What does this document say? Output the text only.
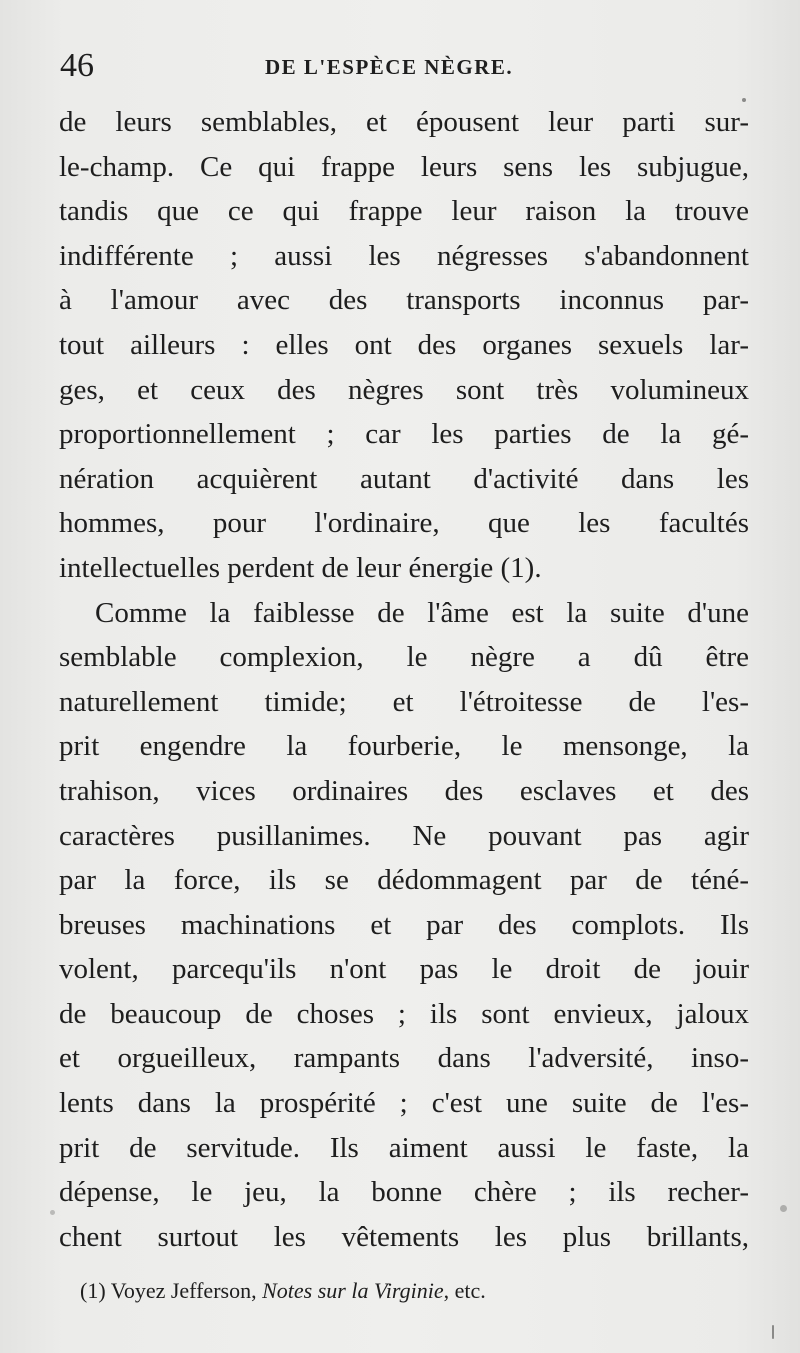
46	DE L'ESPÈCE NÈGRE.
de leurs semblables, et épousent leur parti sur-
le-champ. Ce qui frappe leurs sens les subjugue,
tandis que ce qui frappe leur raison la trouve
indifférente ; aussi les négresses s'abandonnent
à l'amour avec des transports inconnus par-
tout ailleurs : elles ont des organes sexuels lar-
ges, et ceux des nègres sont très volumineux
proportionnellement ; car les parties de la gé-
nération acquièrent autant d'activité dans les
hommes, pour l'ordinaire, que les facultés
intellectuelles perdent de leur énergie (1).
Comme la faiblesse de l'âme est la suite d'une
semblable complexion, le nègre a dû être
naturellement timide; et l'étroitesse de l'es-
prit engendre la fourberie, le mensonge, la
trahison, vices ordinaires des esclaves et des
caractères pusillanimes. Ne pouvant pas agir
par la force, ils se dédommagent par de téné-
breuses machinations et par des complots. Ils
volent, parcequ'ils n'ont pas le droit de jouir
de beaucoup de choses ; ils sont envieux, jaloux
et orgueilleux, rampants dans l'adversité, inso-
lents dans la prospérité ; c'est une suite de l'es-
prit de servitude. Ils aiment aussi le faste, la
dépense, le jeu, la bonne chère ; ils recher-
chent surtout les vêtements les plus brillants,
(1) Voyez Jefferson, Notes sur la Virginie, etc.
